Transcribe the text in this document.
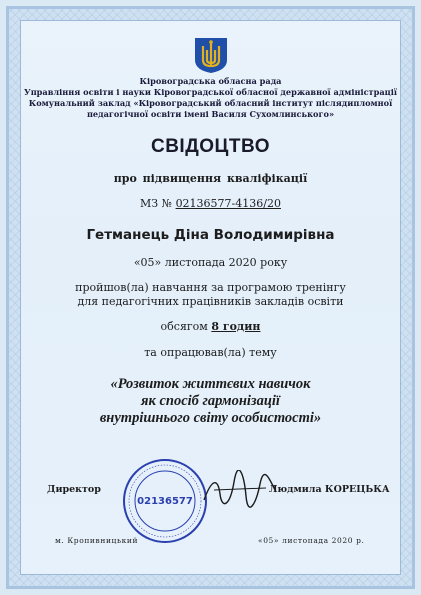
Кіровоградська обласна рада
Управління освіти і науки Кіровоградської обласної державної адміністрації
Комунальний заклад «Кіровоградський обласний інститут післядипломної
педагогічної освіти імені Василя Сухомлинського»
СВІДОЦТВО
про підвищення кваліфікації
МЗ № 02136577-4136/20
Гетманець Діна Володимирівна
«05» листопада 2020 року
пройшов(ла) навчання за програмою тренінгу
для педагогічних працівників закладів освіти
обсягом 8 годин
та опрацював(ла) тему
«Розвиток життєвих навичок
як спосіб гармонізації
внутрішнього світу особистості»
02136577
Директор	Людмила КОРЕЦЬКА
м. Кропивницький	«05» листопада 2020 р.
